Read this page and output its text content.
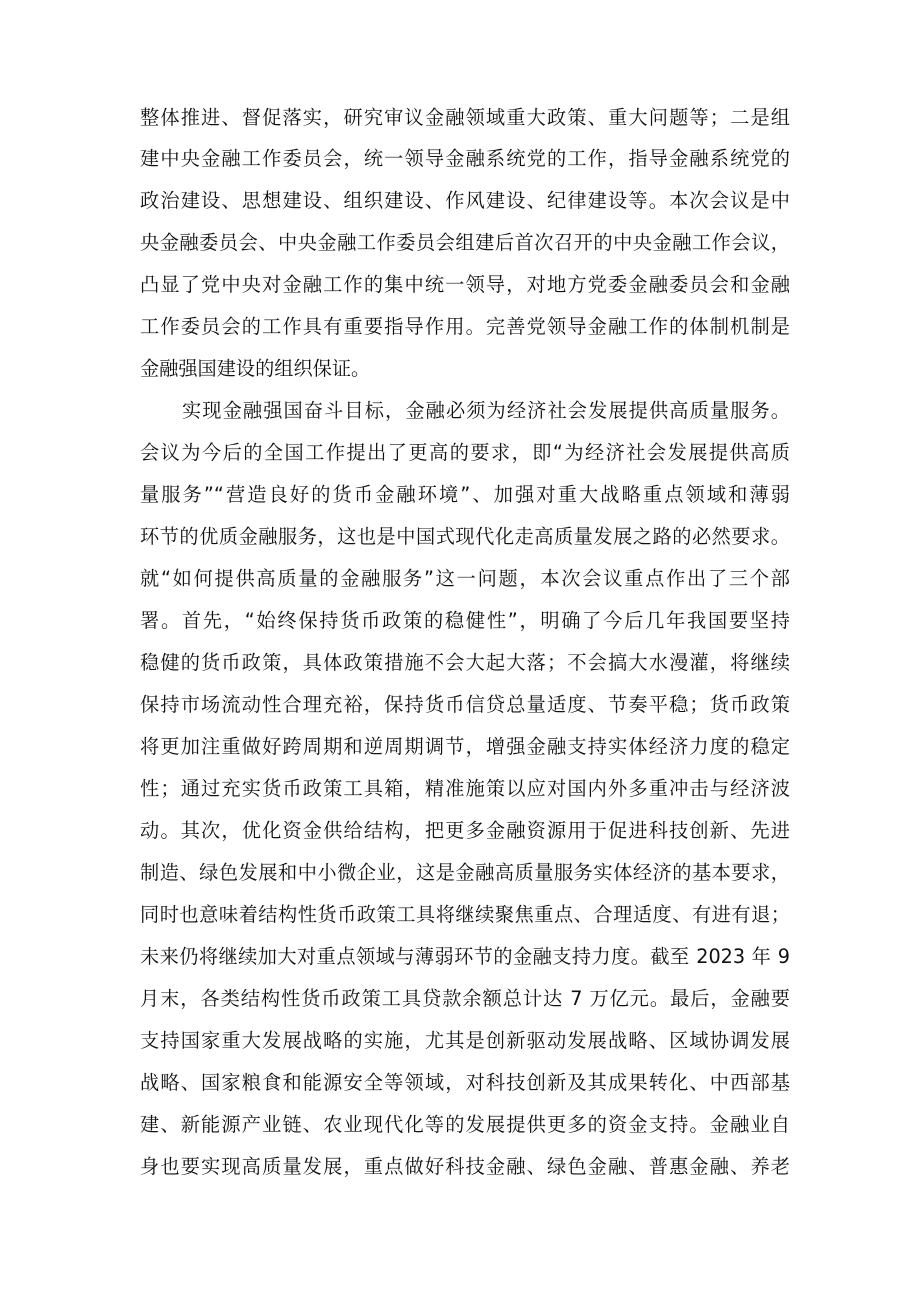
整体推进、督促落实，研究审议金融领域重大政策、重大问题等；二是组
建中央金融工作委员会，统一领导金融系统党的工作，指导金融系统党的
政治建设、思想建设、组织建设、作风建设、纪律建设等。本次会议是中
央金融委员会、中央金融工作委员会组建后首次召开的中央金融工作会议，
凸显了党中央对金融工作的集中统一领导，对地方党委金融委员会和金融
工作委员会的工作具有重要指导作用。完善党领导金融工作的体制机制是
金融强国建设的组织保证。
实现金融强国奋斗目标，金融必须为经济社会发展提供高质量服务。
会议为今后的全国工作提出了更高的要求，即“为经济社会发展提供高质
量服务”“营造良好的货币金融环境”、加强对重大战略重点领域和薄弱
环节的优质金融服务，这也是中国式现代化走高质量发展之路的必然要求。
就“如何提供高质量的金融服务”这一问题，本次会议重点作出了三个部
署。首先，“始终保持货币政策的稳健性”，明确了今后几年我国要坚持
稳健的货币政策，具体政策措施不会大起大落；不会搞大水漫灌，将继续
保持市场流动性合理充裕，保持货币信贷总量适度、节奏平稳；货币政策
将更加注重做好跨周期和逆周期调节，增强金融支持实体经济力度的稳定
性；通过充实货币政策工具箱，精准施策以应对国内外多重冲击与经济波
动。其次，优化资金供给结构，把更多金融资源用于促进科技创新、先进
制造、绿色发展和中小微企业，这是金融高质量服务实体经济的基本要求，
同时也意味着结构性货币政策工具将继续聚焦重点、合理适度、有进有退；
未来仍将继续加大对重点领域与薄弱环节的金融支持力度。截至 2023 年 9
月末，各类结构性货币政策工具贷款余额总计达 7 万亿元。最后，金融要
支持国家重大发展战略的实施，尤其是创新驱动发展战略、区域协调发展
战略、国家粮食和能源安全等领域，对科技创新及其成果转化、中西部基
建、新能源产业链、农业现代化等的发展提供更多的资金支持。金融业自
身也要实现高质量发展，重点做好科技金融、绿色金融、普惠金融、养老
